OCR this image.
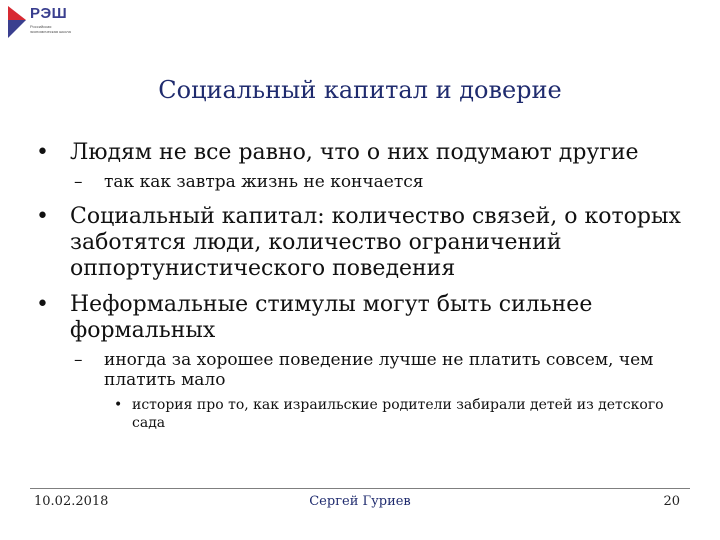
РЭШ
Российская экономическая школа
Социальный капитал и доверие
• Людям не все равно, что о них подумают другие
– так как завтра жизнь не кончается
• Социальный капитал: количество связей, о которых заботятся люди, количество ограничений оппортунистического поведения
• Неформальные стимулы могут быть сильнее формальных
– иногда за хорошее поведение лучше не платить совсем, чем платить мало
• история про то, как израильские родители забирали детей из детского сада
10.02.2018	Сергей Гуриев	20
